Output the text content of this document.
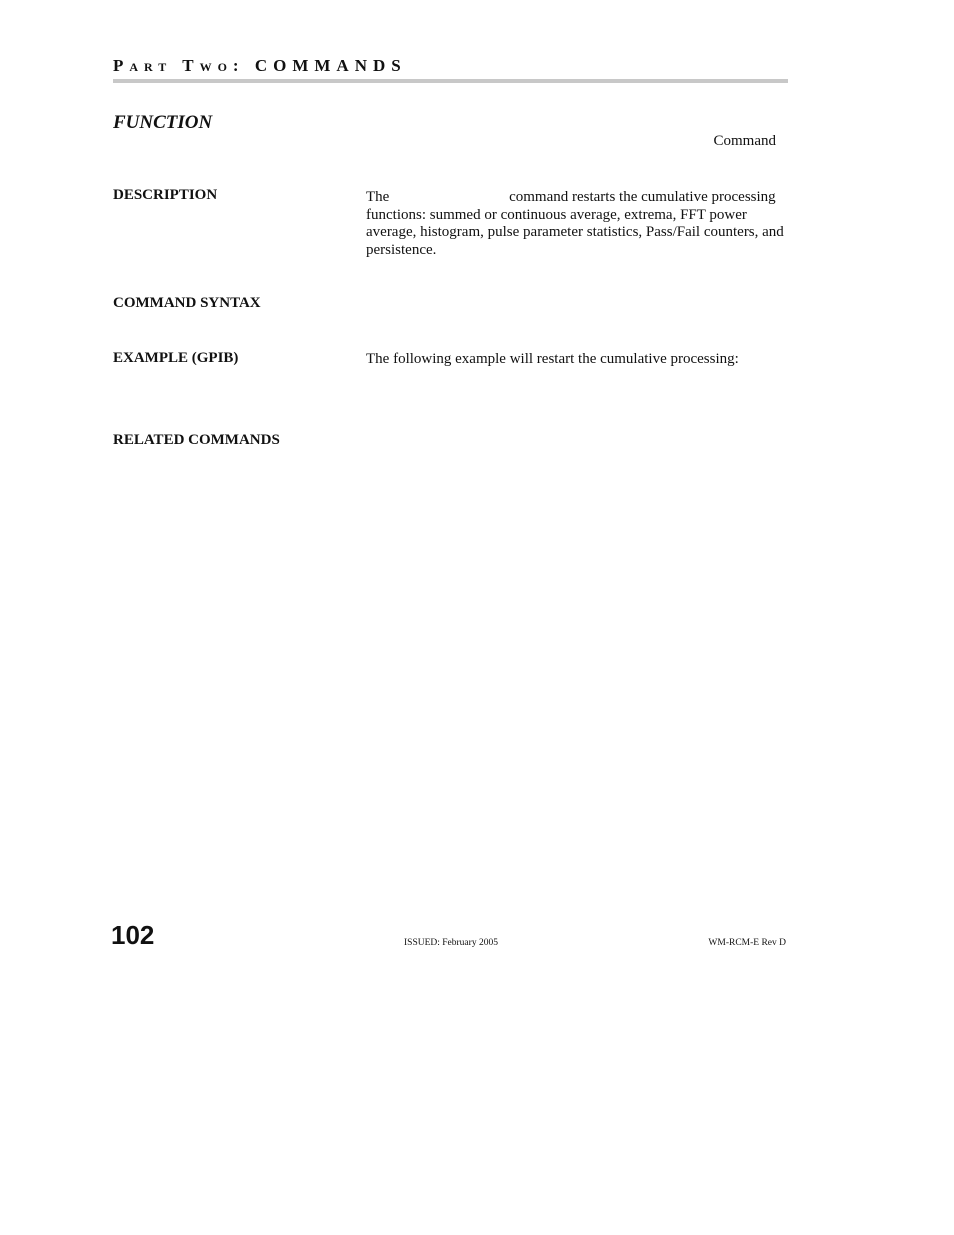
Part Two: COMMANDS
FUNCTION
Command
DESCRIPTION	The	command restarts the cumulative processing functions: summed or continuous average, extrema, FFT power average, histogram, pulse parameter statistics, Pass/Fail counters, and persistence.
COMMAND SYNTAX
EXAMPLE (GPIB)	The following example will restart the cumulative processing:
RELATED COMMANDS
102	ISSUED: February 2005	WM-RCM-E Rev D
